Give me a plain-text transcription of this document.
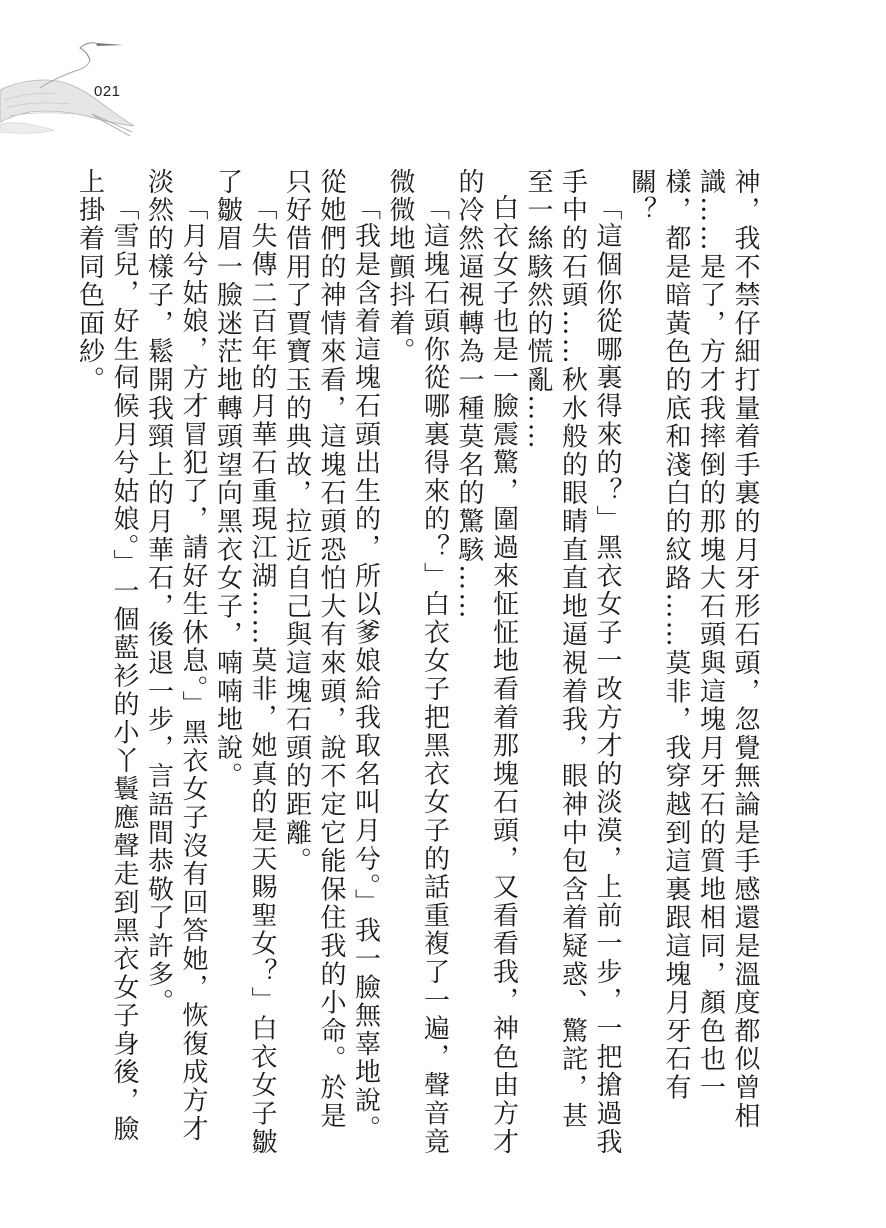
021

神，我不禁仔細打量着手裏的月牙形石頭，忽覺無論是手感還是溫度都似曾相識……是了，方才我摔倒的那塊大石頭與這塊月牙石的質地相同，顏色也一樣，都是暗黃色的底和淺白的紋路……莫非，我穿越到這裏跟這塊月牙石有關？

「這個你從哪裏得來的？」黑衣女子一改方才的淡漠，上前一步，一把搶過我手中的石頭……秋水般的眼睛直直地逼視着我，眼神中包含着疑惑、驚詫，甚至一絲駭然的慌亂……

白衣女子也是一臉震驚，圍過來怔怔地看着那塊石頭，又看看我，神色由方才的冷然逼視轉為一種莫名的驚駭……

「這塊石頭你從哪裏得來的？」白衣女子把黑衣女子的話重複了一遍，聲音竟微微地顫抖着。

「我是含着這塊石頭出生的，所以爹娘給我取名叫月兮。」我一臉無辜地說。從她們的神情來看，這塊石頭恐怕大有來頭，說不定它能保住我的小命。於是只好借用了賈寶玉的典故，拉近自己與這塊石頭的距離。

「失傳二百年的月華石重現江湖……莫非，她真的是天賜聖女？」白衣女子皺了皺眉一臉迷茫地轉頭望向黑衣女子，喃喃地說。

「月兮姑娘，方才冒犯了，請好生休息。」黑衣女子沒有回答她，恢復成方才淡然的樣子，鬆開我頸上的月華石，後退一步，言語間恭敬了許多。

「雪兒，好生伺候月兮姑娘。」一個藍衫的小丫鬟應聲走到黑衣女子身後，臉上掛着同色面紗。
